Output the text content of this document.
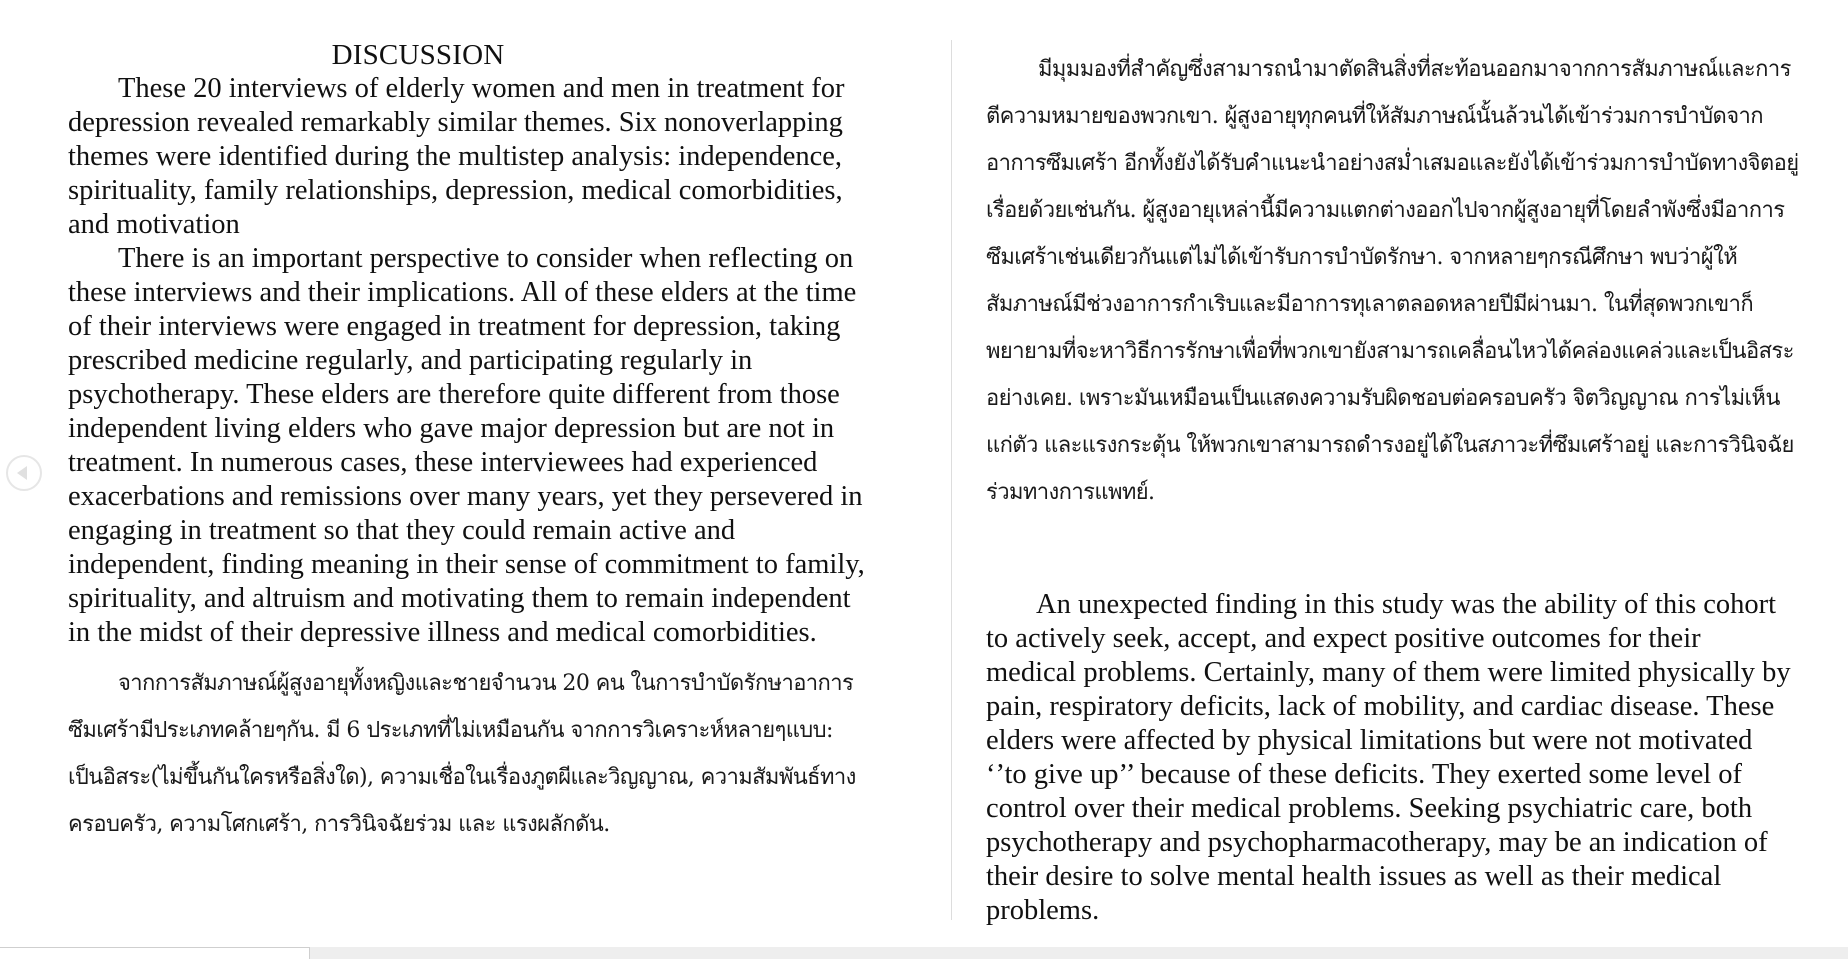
DISCUSSION
These 20 interviews of elderly women and men in treatment for
depression revealed remarkably similar themes. Six nonoverlapping
themes were identified during the multistep analysis: independence,
spirituality, family relationships, depression, medical comorbidities,
and motivation
There is an important perspective to consider when reflecting on
these interviews and their implications. All of these elders at the time
of their interviews were engaged in treatment for depression, taking
prescribed medicine regularly, and participating regularly in
psychotherapy. These elders are therefore quite different from those
independent living elders who gave major depression but are not in
treatment. In numerous cases, these interviewees had experienced
exacerbations and remissions over many years, yet they persevered in
engaging in treatment so that they could remain active and
independent, finding meaning in their sense of commitment to family,
spirituality, and altruism and motivating them to remain independent
in the midst of their depressive illness and medical comorbidities.
จากการสัมภาษณ์ผู้สูงอายุทั้งหญิงและชายจำนวน 20 คน ในการบำบัดรักษาอาการ
ซึมเศร้ามีประเภทคล้ายๆกัน. มี 6 ประเภทที่ไม่เหมือนกัน จากการวิเคราะห์หลายๆแบบ:
เป็นอิสระ(ไม่ขึ้นกันใครหรือสิ่งใด), ความเชื่อในเรื่องภูตผีและวิญญาณ, ความสัมพันธ์ทาง
ครอบครัว, ความโศกเศร้า, การวินิจฉัยร่วม และ แรงผลักดัน.
มีมุมมองที่สำคัญซึ่งสามารถนำมาตัดสินสิ่งที่สะท้อนออกมาจากการสัมภาษณ์และการ
ตีความหมายของพวกเขา. ผู้สูงอายุทุกคนที่ให้สัมภาษณ์นั้นล้วนได้เข้าร่วมการบำบัดจาก
อาการซึมเศร้า อีกทั้งยังได้รับคำแนะนำอย่างสม่ำเสมอและยังได้เข้าร่วมการบำบัดทางจิตอยู่
เรื่อยด้วยเช่นกัน. ผู้สูงอายุเหล่านี้มีความแตกต่างออกไปจากผู้สูงอายุที่โดยลำพังซึ่งมีอาการ
ซึมเศร้าเช่นเดียวกันแต่ไม่ได้เข้ารับการบำบัดรักษา. จากหลายๆกรณีศึกษา พบว่าผู้ให้
สัมภาษณ์มีช่วงอาการกำเริบและมีอาการทุเลาตลอดหลายปีมีผ่านมา. ในที่สุดพวกเขาก็
พยายามที่จะหาวิธีการรักษาเพื่อที่พวกเขายังสามารถเคลื่อนไหวได้คล่องแคล่วและเป็นอิสระ
อย่างเคย. เพราะมันเหมือนเป็นแสดงความรับผิดชอบต่อครอบครัว จิตวิญญาณ การไม่เห็น
แก่ตัว และแรงกระตุ้น ให้พวกเขาสามารถดำรงอยู่ได้ในสภาวะที่ซึมเศร้าอยู่ และการวินิจฉัย
ร่วมทางการแพทย์.
An unexpected finding in this study was the ability of this cohort
to actively seek, accept, and expect positive outcomes for their
medical problems. Certainly, many of them were limited physically by
pain, respiratory deficits, lack of mobility, and cardiac disease. These
elders were affected by physical limitations but were not motivated
‘’to give up’’ because of these deficits. They exerted some level of
control over their medical problems. Seeking psychiatric care, both
psychotherapy and psychopharmacotherapy, may be an indication of
their desire to solve mental health issues as well as their medical
problems.
